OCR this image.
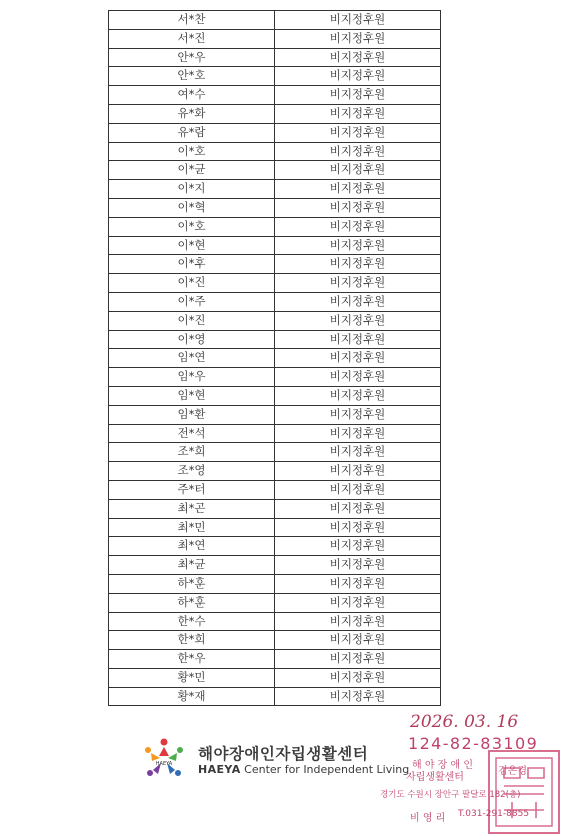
서*찬	비지정후원
서*진	비지정후원
안*우	비지정후원
안*호	비지정후원
여*수	비지정후원
유*화	비지정후원
유*람	비지정후원
이*호	비지정후원
이*균	비지정후원
이*지	비지정후원
이*혁	비지정후원
이*호	비지정후원
이*현	비지정후원
이*후	비지정후원
이*진	비지정후원
이*주	비지정후원
이*진	비지정후원
이*영	비지정후원
임*연	비지정후원
임*우	비지정후원
임*현	비지정후원
임*환	비지정후원
전*석	비지정후원
조*희	비지정후원
조*영	비지정후원
주*터	비지정후원
최*곤	비지정후원
최*민	비지정후원
최*연	비지정후원
최*균	비지정후원
하*훈	비지정후원
하*훈	비지정후원
한*수	비지정후원
한*희	비지정후원
한*우	비지정후원
황*민	비지정후원
황*재	비지정후원
HAEYA
해야장애인자립생활센터
HAEYA Center for Independent Living
2026. 03. 16
124-82-83109
해 야 장 애 인
자립생활센터
김은경
경기도 수원시 장안구 팔달로 182(층)
비 영 리 T.031-291-8855
